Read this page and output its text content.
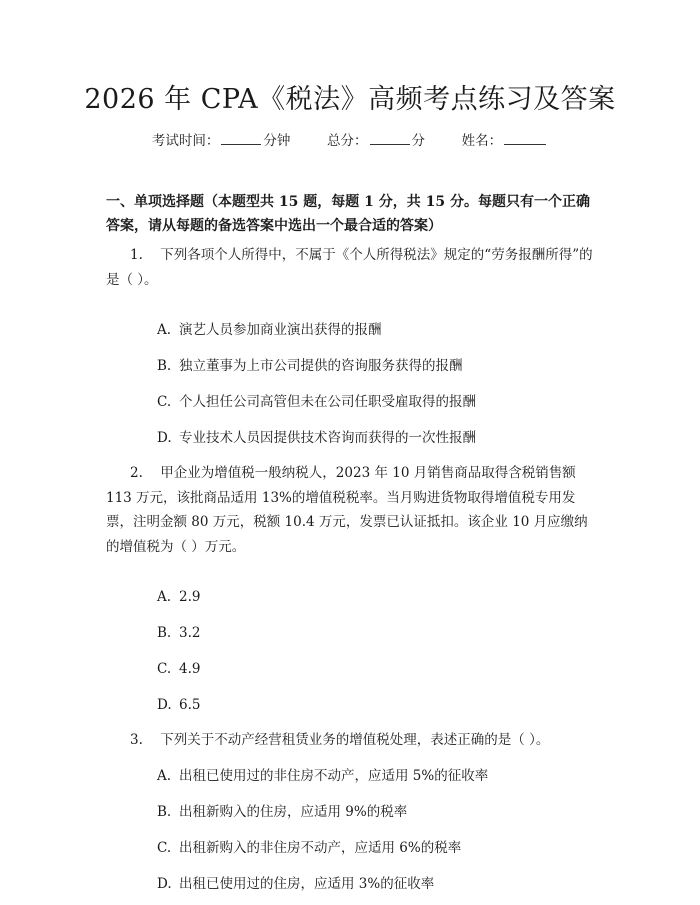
2026 年 CPA《税法》高频考点练习及答案
考试时间：	分钟	总分：	分	姓名：
一、单项选择题（本题型共 15 题，每题 1 分，共 15 分。每题只有一个正确答案，请从每题的备选答案中选出一个最合适的答案）
1. 下列各项个人所得中，不属于《个人所得税法》规定的“劳务报酬所得”的是（ ）。
A. 演艺人员参加商业演出获得的报酬
B. 独立董事为上市公司提供的咨询服务获得的报酬
C. 个人担任公司高管但未在公司任职受雇取得的报酬
D. 专业技术人员因提供技术咨询而获得的一次性报酬
2. 甲企业为增值税一般纳税人，2023 年 10 月销售商品取得含税销售额 113 万元，该批商品适用 13%的增值税税率。当月购进货物取得增值税专用发票，注明金额 80 万元，税额 10.4 万元，发票已认证抵扣。该企业 10 月应缴纳的增值税为（ ）万元。
A. 2.9
B. 3.2
C. 4.9
D. 6.5
3. 下列关于不动产经营租赁业务的增值税处理，表述正确的是（ ）。
A. 出租已使用过的非住房不动产，应适用 5%的征收率
B. 出租新购入的住房，应适用 9%的税率
C. 出租新购入的非住房不动产，应适用 6%的税率
D. 出租已使用过的住房，应适用 3%的征收率
